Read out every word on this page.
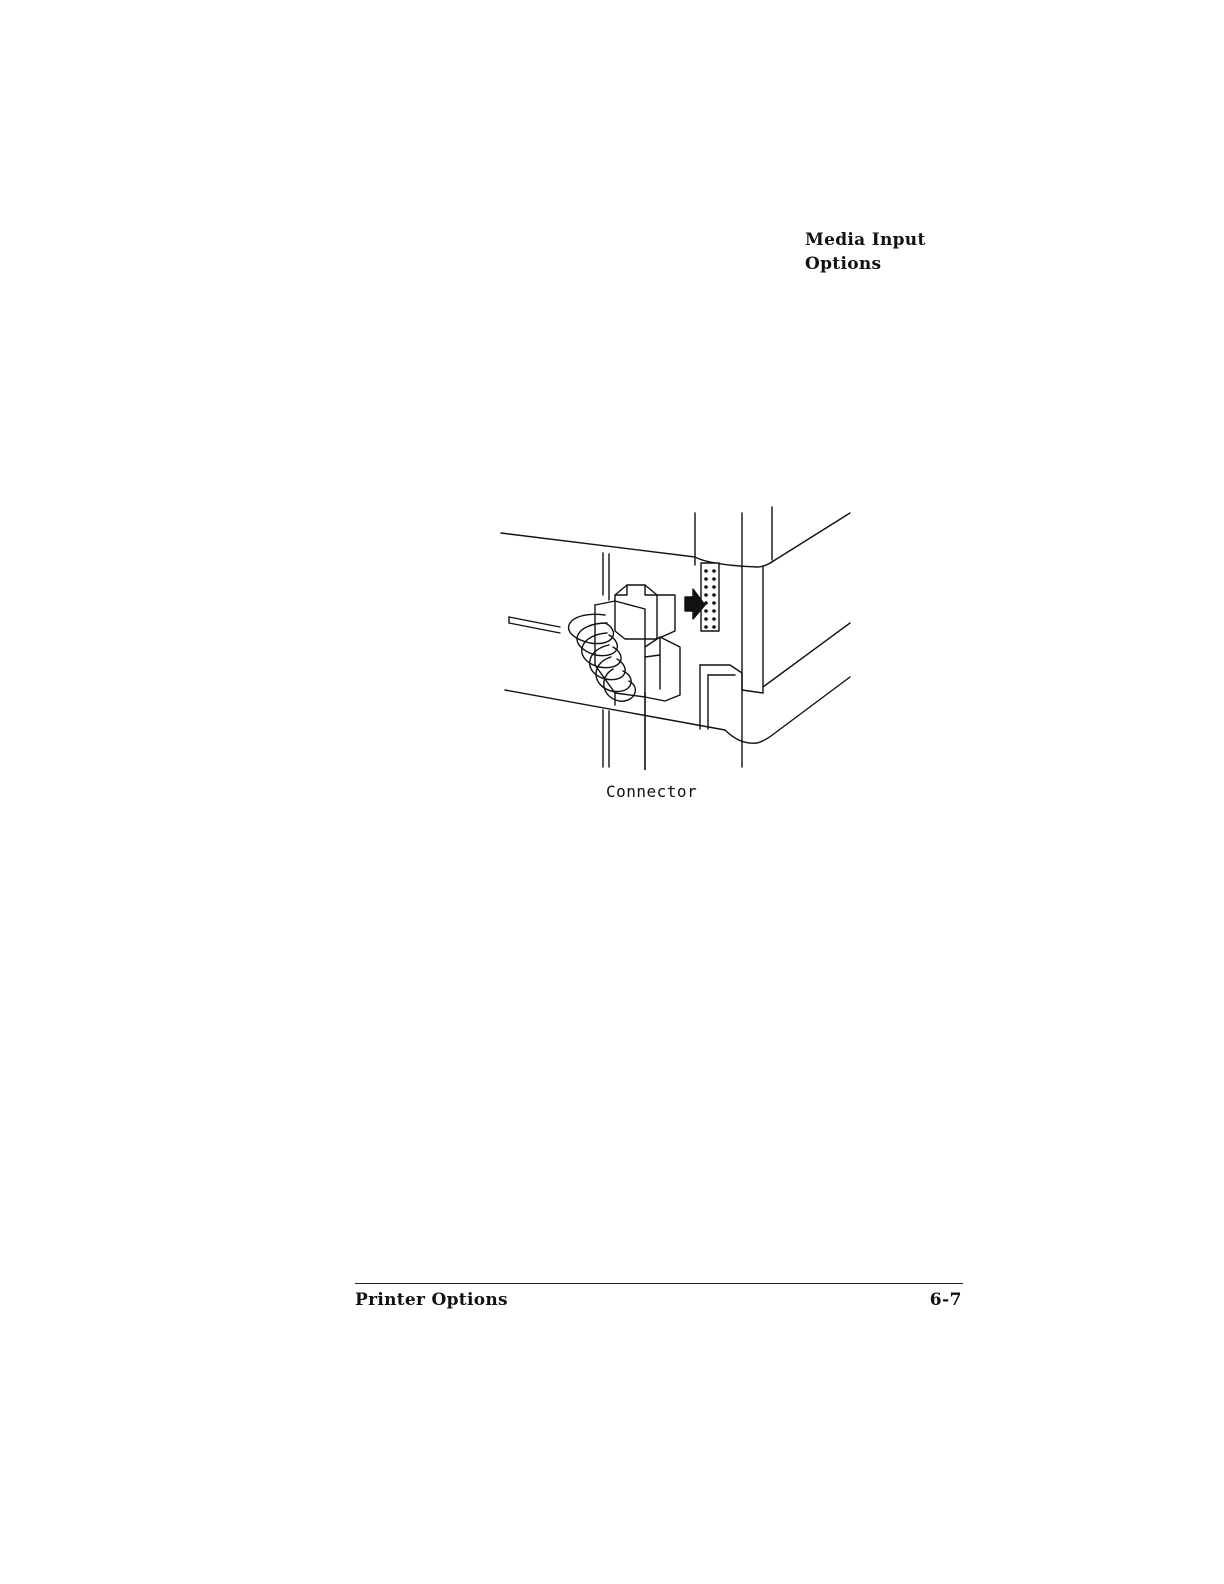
Media Input
Options
Connector
Printer Options	6-7
